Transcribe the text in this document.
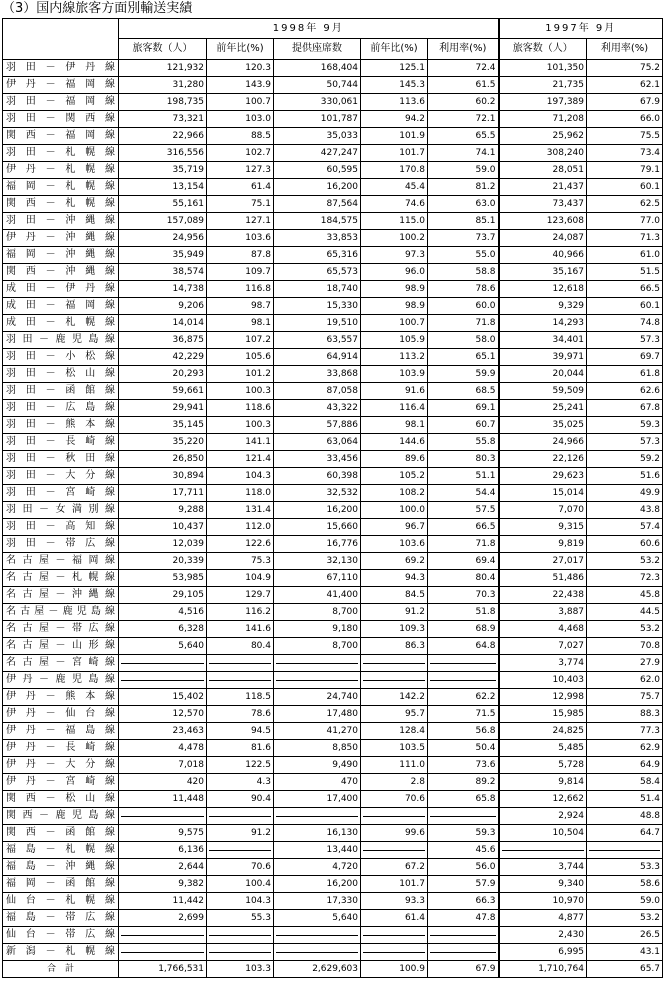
（3）国内線旅客方面別輸送実績
	1998年 9月					1997年 9月	
	旅客数（人）	前年比(%)	提供座席数	前年比(%)	利用率(%)	旅客数（人）	利用率(%)
羽田－伊丹線	121,932	120.3	168,404	125.1	72.4	101,350	75.2
伊丹－福岡線	31,280	143.9	50,744	145.3	61.5	21,735	62.1
羽田－福岡線	198,735	100.7	330,061	113.6	60.2	197,389	67.9
羽田－関西線	73,321	103.0	101,787	94.2	72.1	71,208	66.0
関西－福岡線	22,966	88.5	35,033	101.9	65.5	25,962	75.5
羽田－札幌線	316,556	102.7	427,247	101.7	74.1	308,240	73.4
伊丹－札幌線	35,719	127.3	60,595	170.8	59.0	28,051	79.1
福岡－札幌線	13,154	61.4	16,200	45.4	81.2	21,437	60.1
関西－札幌線	55,161	75.1	87,564	74.6	63.0	73,437	62.5
羽田－沖縄線	157,089	127.1	184,575	115.0	85.1	123,608	77.0
伊丹－沖縄線	24,956	103.6	33,853	100.2	73.7	24,087	71.3
福岡－沖縄線	35,949	87.8	65,316	97.3	55.0	40,966	61.0
関西－沖縄線	38,574	109.7	65,573	96.0	58.8	35,167	51.5
成田－伊丹線	14,738	116.8	18,740	98.9	78.6	12,618	66.5
成田－福岡線	9,206	98.7	15,330	98.9	60.0	9,329	60.1
成田－札幌線	14,014	98.1	19,510	100.7	71.8	14,293	74.8
羽田－鹿児島線	36,875	107.2	63,557	105.9	58.0	34,401	57.3
羽田－小松線	42,229	105.6	64,914	113.2	65.1	39,971	69.7
羽田－松山線	20,293	101.2	33,868	103.9	59.9	20,044	61.8
羽田－函館線	59,661	100.3	87,058	91.6	68.5	59,509	62.6
羽田－広島線	29,941	118.6	43,322	116.4	69.1	25,241	67.8
羽田－熊本線	35,145	100.3	57,886	98.1	60.7	35,025	59.3
羽田－長崎線	35,220	141.1	63,064	144.6	55.8	24,966	57.3
羽田－秋田線	26,850	121.4	33,456	89.6	80.3	22,126	59.2
羽田－大分線	30,894	104.3	60,398	105.2	51.1	29,623	51.6
羽田－宮崎線	17,711	118.0	32,532	108.2	54.4	15,014	49.9
羽田－女満別線	9,288	131.4	16,200	100.0	57.5	7,070	43.8
羽田－高知線	10,437	112.0	15,660	96.7	66.5	9,315	57.4
羽田－帯広線	12,039	122.6	16,776	103.6	71.8	9,819	60.6
名古屋－福岡線	20,339	75.3	32,130	69.2	69.4	27,017	53.2
名古屋－札幌線	53,985	104.9	67,110	94.3	80.4	51,486	72.3
名古屋－沖縄線	29,105	129.7	41,400	84.5	70.3	22,438	45.8
名古屋－鹿児島線	4,516	116.2	8,700	91.2	51.8	3,887	44.5
名古屋－帯広線	6,328	141.6	9,180	109.3	68.9	4,468	53.2
名古屋－山形線	5,640	80.4	8,700	86.3	64.8	7,027	70.8
名古屋－宮崎線						3,774	27.9
伊丹－鹿児島線						10,403	62.0
伊丹－熊本線	15,402	118.5	24,740	142.2	62.2	12,998	75.7
伊丹－仙台線	12,570	78.6	17,480	95.7	71.5	15,985	88.3
伊丹－福島線	23,463	94.5	41,270	128.4	56.8	24,825	77.3
伊丹－長崎線	4,478	81.6	8,850	103.5	50.4	5,485	62.9
伊丹－大分線	7,018	122.5	9,490	111.0	73.6	5,728	64.9
伊丹－宮崎線	420	4.3	470	2.8	89.2	9,814	58.4
関西－松山線	11,448	90.4	17,400	70.6	65.8	12,662	51.4
関西－鹿児島線						2,924	48.8
関西－函館線	9,575	91.2	16,130	99.6	59.3	10,504	64.7
福島－札幌線	6,136		13,440		45.6	

福島－沖縄線	2,644	70.6	4,720	67.2	56.0	3,744	53.3
福岡－函館線	9,382	100.4	16,200	101.7	57.9	9,340	58.6
仙台－札幌線	11,442	104.3	17,330	93.3	66.3	10,970	59.0
福島－帯広線	2,699	55.3	5,640	61.4	47.8	4,877	53.2
仙台－帯広線						2,430	26.5
新潟－札幌線						6,995	43.1
合　計	1,766,531	103.3	2,629,603	100.9	67.9	1,710,764	65.7
